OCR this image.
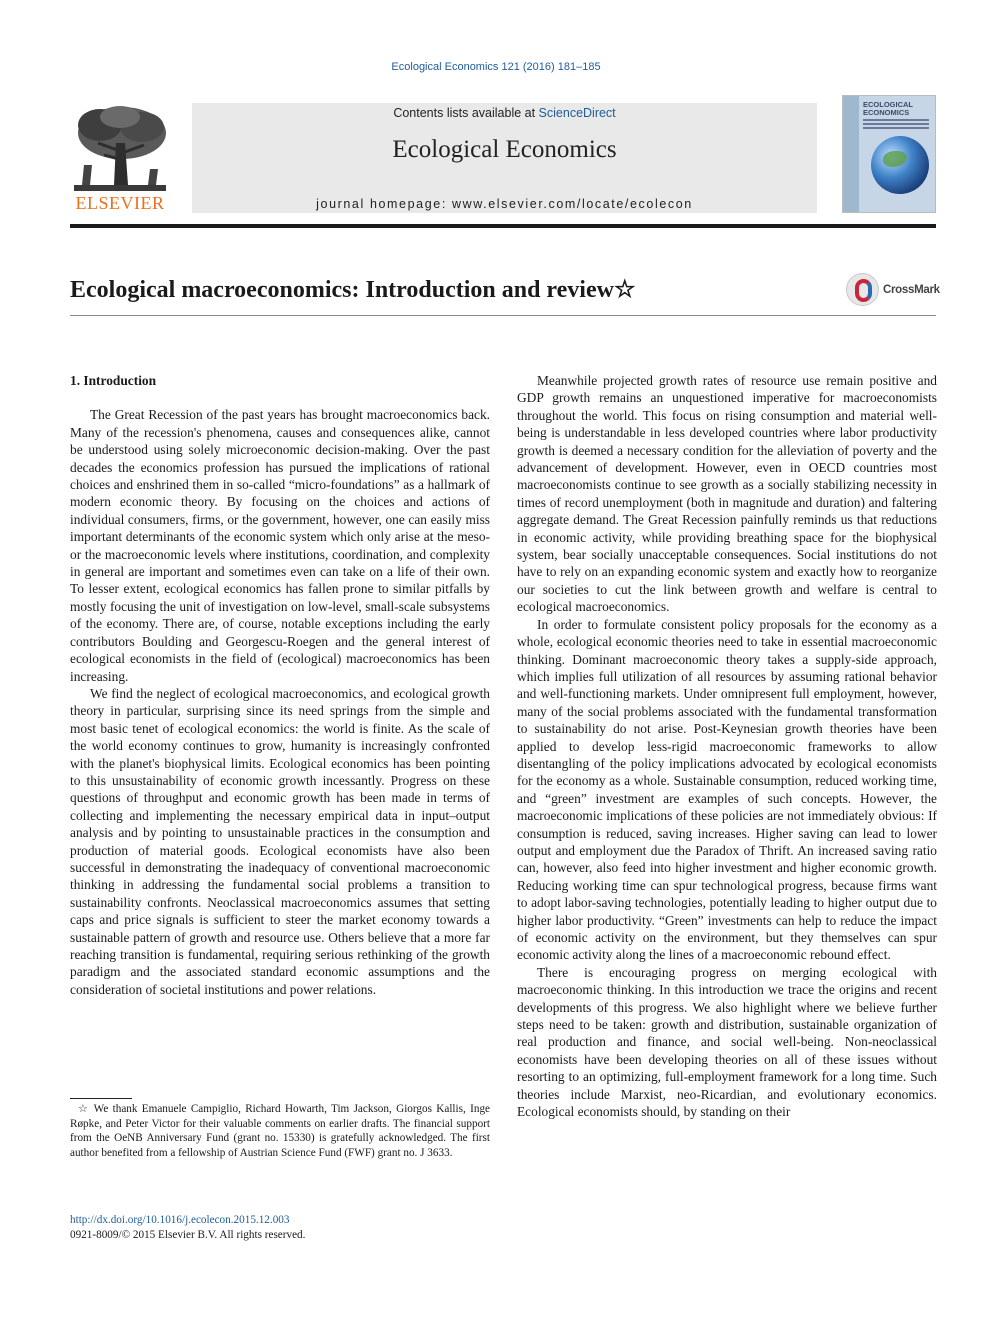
Ecological Economics 121 (2016) 181–185
ELSEVIER
Contents lists available at ScienceDirect
Ecological Economics
journal homepage: www.elsevier.com/locate/ecolecon
ECOLOGICAL ECONOMICS
Ecological macroeconomics: Introduction and review☆	CrossMark
1. Introduction

The Great Recession of the past years has brought macroeconomics back. Many of the recession's phenomena, causes and consequences alike, cannot be understood using solely microeconomic decision-making. Over the past decades the economics profession has pursued the implications of rational choices and enshrined them in so-called “micro-foundations” as a hallmark of modern economic theory. By focusing on the choices and actions of individual consumers, firms, or the government, however, one can easily miss important determinants of the economic system which only arise at the meso- or the macroeconomic levels where institutions, coordination, and complexity in general are important and sometimes even can take on a life of their own. To lesser extent, ecological economics has fallen prone to similar pitfalls by mostly focusing the unit of investigation on low-level, small-scale subsystems of the economy. There are, of course, notable exceptions including the early contributors Boulding and Georgescu-Roegen and the general interest of ecological economists in the field of (ecological) macroeconomics has been increasing.

We find the neglect of ecological macroeconomics, and ecological growth theory in particular, surprising since its need springs from the simple and most basic tenet of ecological economics: the world is finite. As the scale of the world economy continues to grow, humanity is increasingly confronted with the planet's biophysical limits. Ecological economics has been pointing to this unsustainability of economic growth incessantly. Progress on these questions of throughput and economic growth has been made in terms of collecting and implementing the necessary empirical data in input–output analysis and by pointing to unsustainable practices in the consumption and production of material goods. Ecological economists have also been successful in demonstrating the inadequacy of conventional macroeconomic thinking in addressing the fundamental social problems a transition to sustainability confronts. Neoclassical macroeconomics assumes that setting caps and price signals is sufficient to steer the market economy towards a sustainable pattern of growth and resource use. Others believe that a more far reaching transition is fundamental, requiring serious rethinking of the growth paradigm and the associated standard economic assumptions and the consideration of societal institutions and power relations.

Meanwhile projected growth rates of resource use remain positive and GDP growth remains an unquestioned imperative for macroeconomists throughout the world. This focus on rising consumption and material well-being is understandable in less developed countries where labor productivity growth is deemed a necessary condition for the alleviation of poverty and the advancement of development. However, even in OECD countries most macroeconomists continue to see growth as a socially stabilizing necessity in times of record unemployment (both in magnitude and duration) and faltering aggregate demand. The Great Recession painfully reminds us that reductions in economic activity, while providing breathing space for the biophysical system, bear socially unacceptable consequences. Social institutions do not have to rely on an expanding economic system and exactly how to reorganize our societies to cut the link between growth and welfare is central to ecological macroeconomics.

In order to formulate consistent policy proposals for the economy as a whole, ecological economic theories need to take in essential macroeconomic thinking. Dominant macroeconomic theory takes a supply-side approach, which implies full utilization of all resources by assuming rational behavior and well-functioning markets. Under omnipresent full employment, however, many of the social problems associated with the fundamental transformation to sustainability do not arise. Post-Keynesian growth theories have been applied to develop less-rigid macroeconomic frameworks to allow disentangling of the policy implications advocated by ecological economists for the economy as a whole. Sustainable consumption, reduced working time, and “green” investment are examples of such concepts. However, the macroeconomic implications of these policies are not immediately obvious: If consumption is reduced, saving increases. Higher saving can lead to lower output and employment due the Paradox of Thrift. An increased saving ratio can, however, also feed into higher investment and higher economic growth. Reducing working time can spur technological progress, because firms want to adopt labor-saving technologies, potentially leading to higher output due to higher labor productivity. “Green” investments can help to reduce the impact of economic activity on the environment, but they themselves can spur economic activity along the lines of a macroeconomic rebound effect.

There is encouraging progress on merging ecological with macroeconomic thinking. In this introduction we trace the origins and recent developments of this progress. We also highlight where we believe further steps need to be taken: growth and distribution, sustainable organization of real production and finance, and social well-being. Non-neoclassical economists have been developing theories on all of these issues without resorting to an optimizing, full-employment framework for a long time. Such theories include Marxist, neo-Ricardian, and evolutionary economics. Ecological economists should, by standing on their

☆ We thank Emanuele Campiglio, Richard Howarth, Tim Jackson, Giorgos Kallis, Inge Røpke, and Peter Victor for their valuable comments on earlier drafts. The financial support from the OeNB Anniversary Fund (grant no. 15330) is gratefully acknowledged. The first author benefited from a fellowship of Austrian Science Fund (FWF) grant no. J 3633.
http://dx.doi.org/10.1016/j.ecolecon.2015.12.003
0921-8009/© 2015 Elsevier B.V. All rights reserved.
